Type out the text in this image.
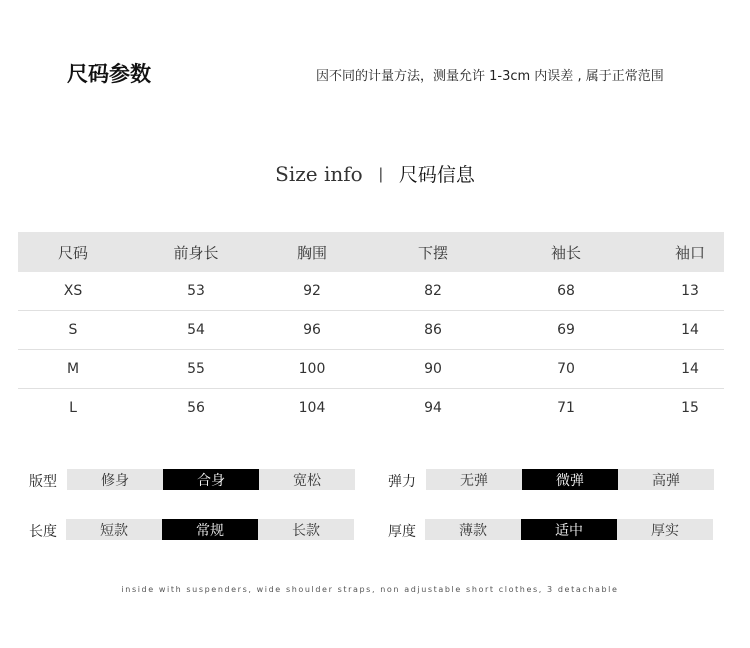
尺码参数	因不同的计量方法，测量允许 1-3cm 内误差 , 属于正常范围
Size info | 尺码信息
尺码	前身长	胸围	下摆	袖长	袖口
XS	53	92	82	68	13
S	54	96	86	69	14
M	55	100	90	70	14
L	56	104	94	71	15
版型	修身	合身	宽松	弹力	无弹	微弹	高弹
长度	短款	常规	长款	厚度	薄款	适中	厚实
inside with suspenders, wide shoulder straps, non adjustable short clothes, 3 detachable
